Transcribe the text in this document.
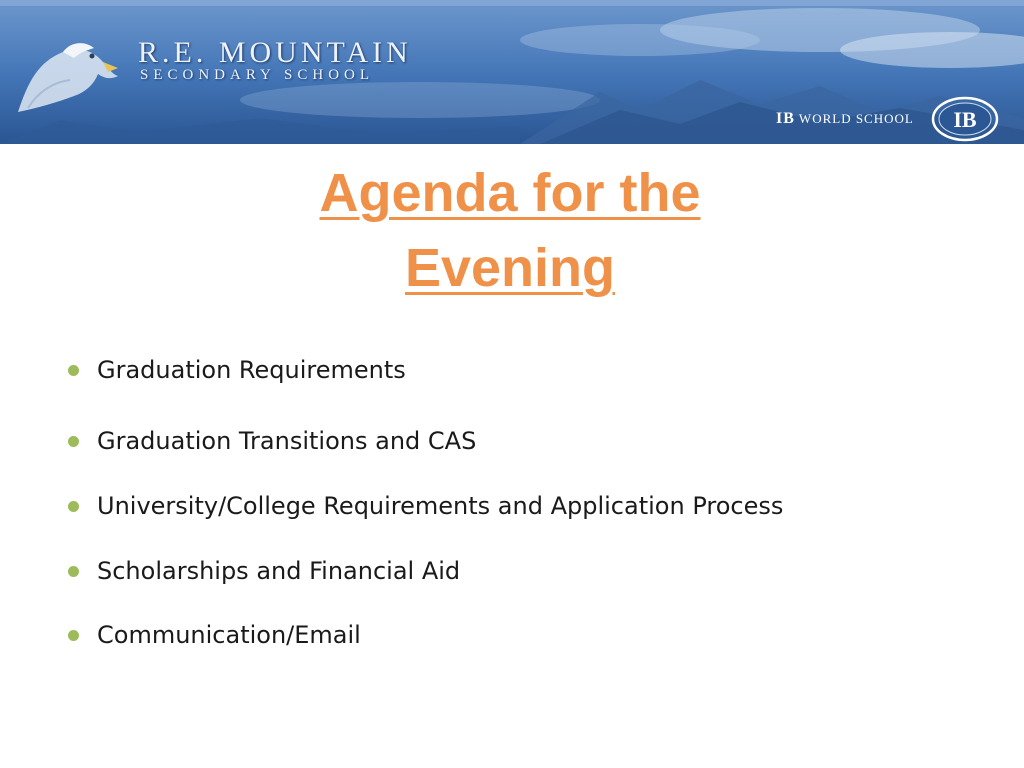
R.E. MOUNTAIN
SECONDARY SCHOOL
IB WORLD SCHOOL IB
Agenda for the
Evening
Graduation Requirements
Graduation Transitions and CAS
University/College Requirements and Application Process
Scholarships and Financial Aid
Communication/Email
